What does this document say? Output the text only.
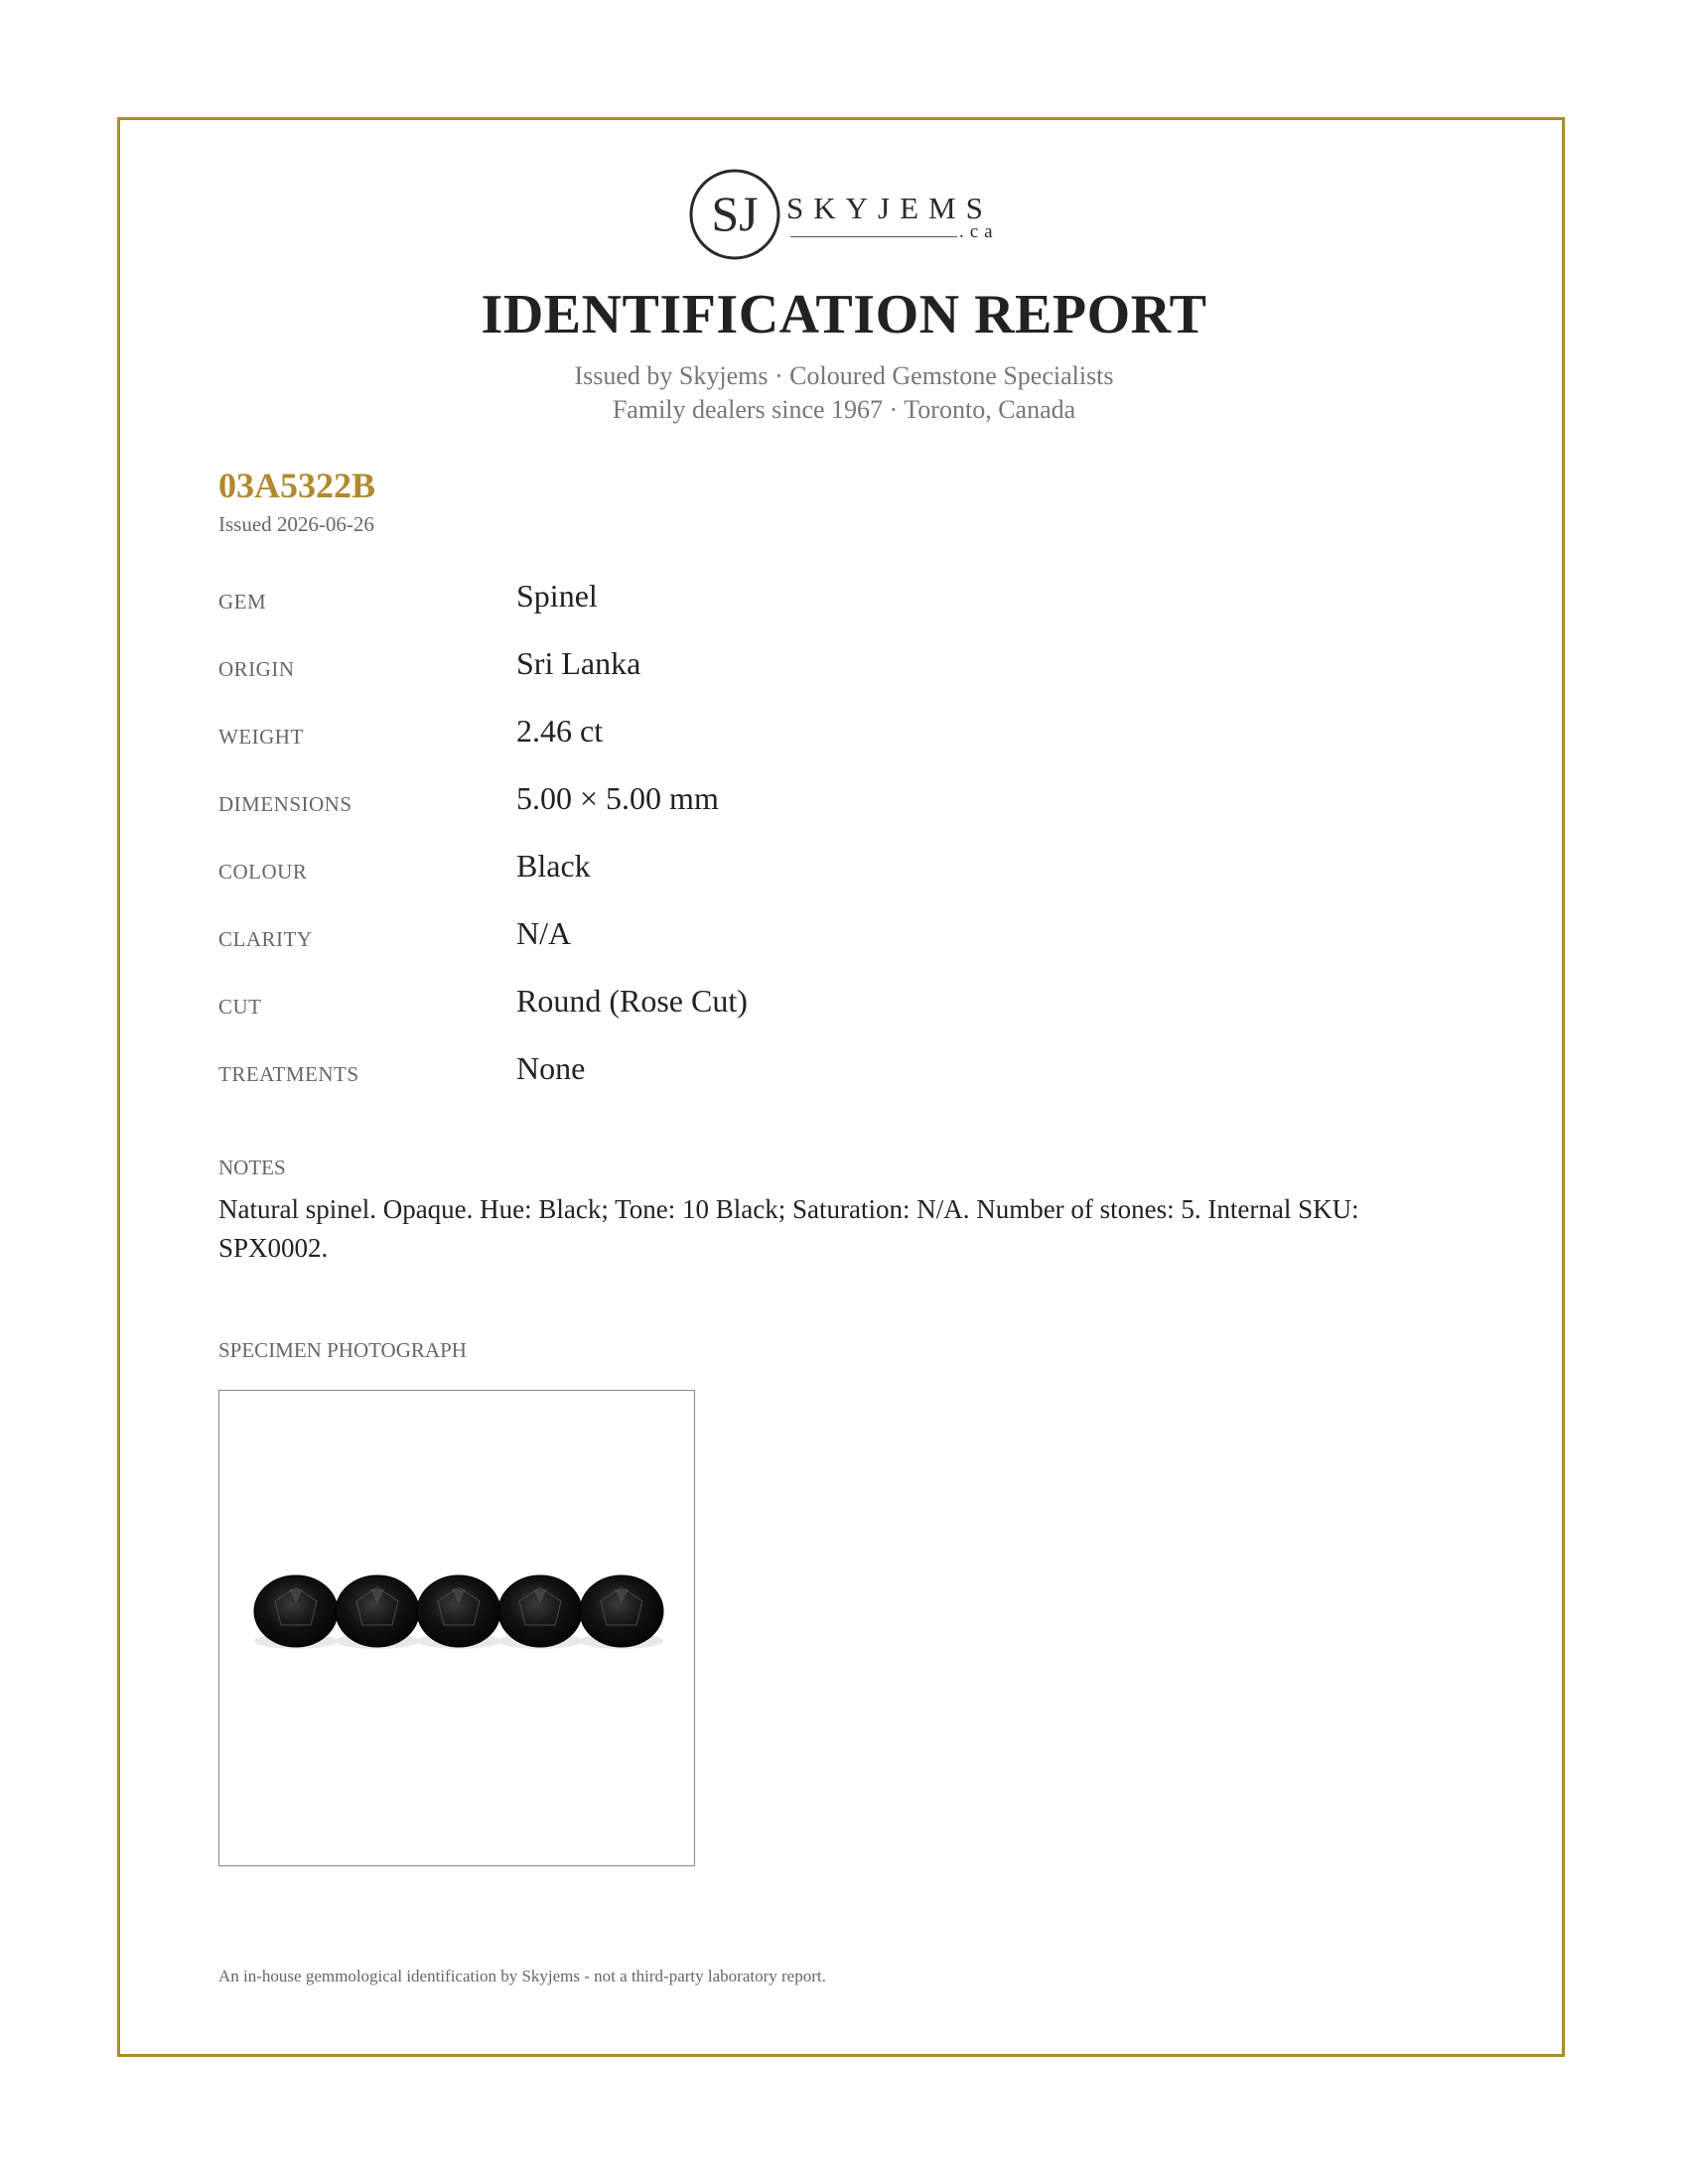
SJ SKYJEMS
.ca
IDENTIFICATION REPORT
Issued by Skyjems · Coloured Gemstone Specialists
Family dealers since 1967 · Toronto, Canada
03A5322B
Issued 2026-06-26
GEM	Spinel
ORIGIN	Sri Lanka
WEIGHT	2.46 ct
DIMENSIONS	5.00 × 5.00 mm
COLOUR	Black
CLARITY	N/A
CUT	Round (Rose Cut)
TREATMENTS	None
NOTES
Natural spinel. Opaque. Hue: Black; Tone: 10 Black; Saturation: N/A. Number of stones: 5. Internal SKU: SPX0002.
SPECIMEN PHOTOGRAPH
An in-house gemmological identification by Skyjems - not a third-party laboratory report.
